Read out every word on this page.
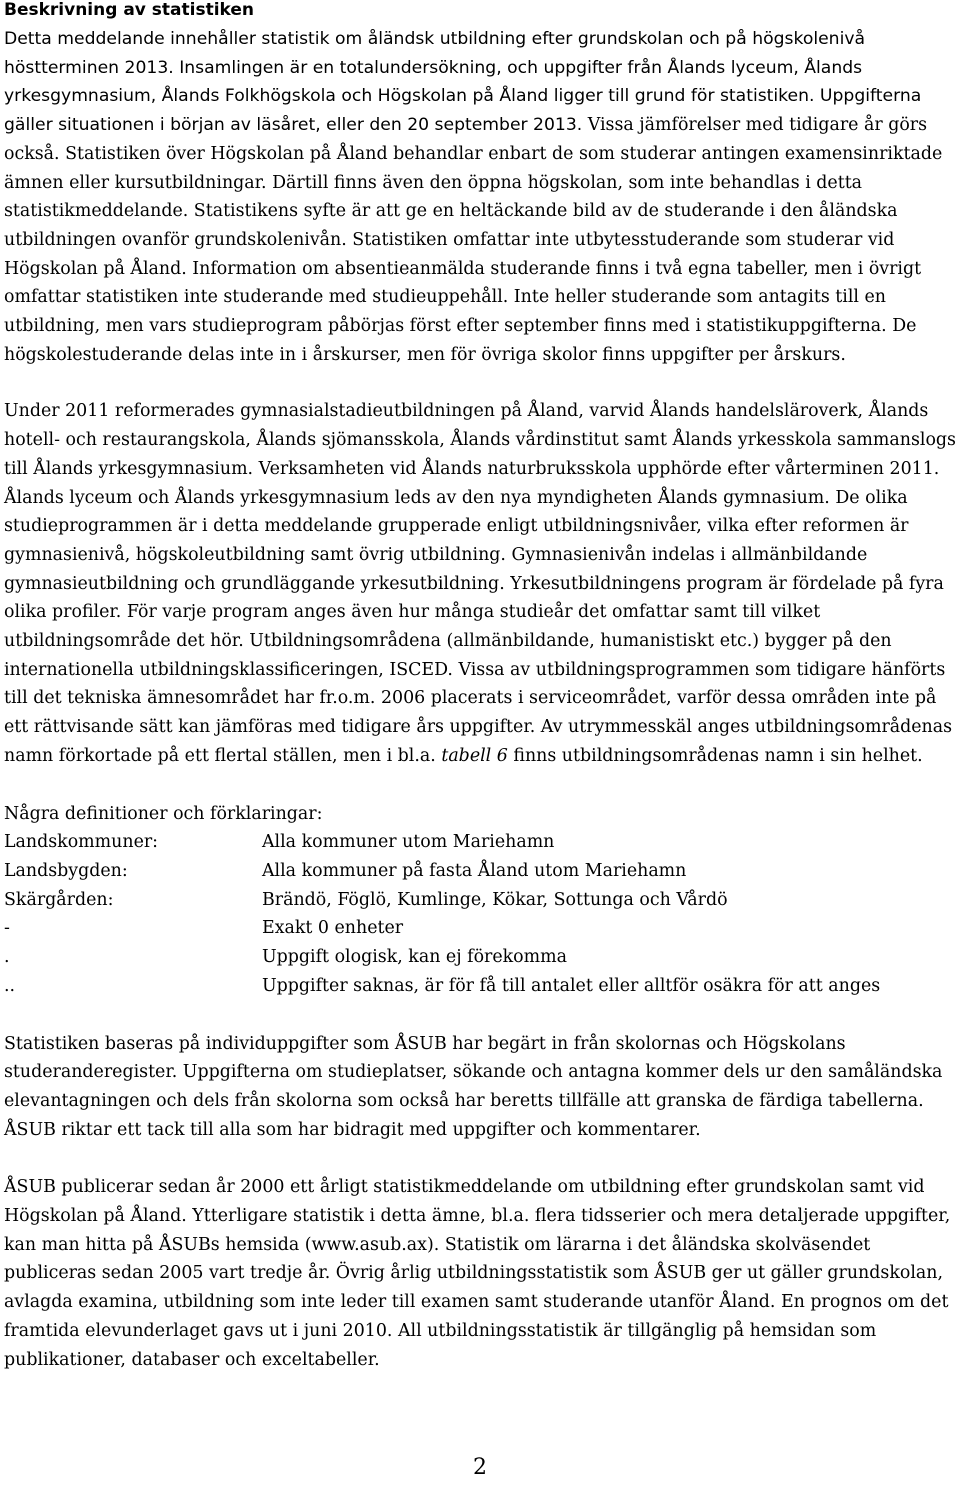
Beskrivning av statistiken

Detta meddelande innehåller statistik om åländsk utbildning efter grundskolan och på högskolenivå höstterminen 2013. Insamlingen är en totalundersökning, och uppgifter från Ålands lyceum, Ålands yrkesgymnasium, Ålands Folkhögskola och Högskolan på Åland ligger till grund för statistiken. Uppgifterna gäller situationen i början av läsåret, eller den 20 september 2013. Vissa jämförelser med tidigare år görs också. Statistiken över Högskolan på Åland behandlar enbart de som studerar antingen examensinriktade ämnen eller kursutbildningar. Därtill finns även den öppna högskolan, som inte behandlas i detta statistikmeddelande. Statistikens syfte är att ge en heltäckande bild av de studerande i den åländska utbildningen ovanför grundskolenivån. Statistiken omfattar inte utbytesstuderande som studerar vid Högskolan på Åland. Information om absentieanmälda studerande finns i två egna tabeller, men i övrigt omfattar statistiken inte studerande med studieuppehåll. Inte heller studerande som antagits till en utbildning, men vars studieprogram påbörjas först efter september finns med i statistikuppgifterna. De högskolestuderande delas inte in i årskurser, men för övriga skolor finns uppgifter per årskurs.

Under 2011 reformerades gymnasialstadieutbildningen på Åland, varvid Ålands handelsläroverk, Ålands hotell- och restaurangskola, Ålands sjömansskola, Ålands vårdinstitut samt Ålands yrkesskola sammanslogs till Ålands yrkesgymnasium. Verksamheten vid Ålands naturbruksskola upphörde efter vårterminen 2011. Ålands lyceum och Ålands yrkesgymnasium leds av den nya myndigheten Ålands gymnasium. De olika studieprogrammen är i detta meddelande grupperade enligt utbildningsnivåer, vilka efter reformen är gymnasienivå, högskoleutbildning samt övrig utbildning. Gymnasienivån indelas i allmänbildande gymnasieutbildning och grundläggande yrkesutbildning. Yrkesutbildningens program är fördelade på fyra olika profiler. För varje program anges även hur många studieår det omfattar samt till vilket utbildningsområde det hör. Utbildningsområdena (allmänbildande, humanistiskt etc.) bygger på den internationella utbildningsklassificeringen, ISCED. Vissa av utbildningsprogrammen som tidigare hänförts till det tekniska ämnesområdet har fr.o.m. 2006 placerats i serviceområdet, varför dessa områden inte på ett rättvisande sätt kan jämföras med tidigare års uppgifter. Av utrymmesskäl anges utbildningsområdenas namn förkortade på ett flertal ställen, men i bl.a. tabell 6 finns utbildningsområdenas namn i sin helhet.

Några definitioner och förklaringar:

Landskommuner:	Alla kommuner utom Mariehamn
Landsbygden:	Alla kommuner på fasta Åland utom Mariehamn
Skärgården:	Brändö, Föglö, Kumlinge, Kökar, Sottunga och Vårdö
-	Exakt 0 enheter
.	Uppgift ologisk, kan ej förekomma
..	Uppgifter saknas, är för få till antalet eller alltför osäkra för att anges

Statistiken baseras på individuppgifter som ÅSUB har begärt in från skolornas och Högskolans studeranderegister. Uppgifterna om studieplatser, sökande och antagna kommer dels ur den samåländska elevantagningen och dels från skolorna som också har beretts tillfälle att granska de färdiga tabellerna. ÅSUB riktar ett tack till alla som har bidragit med uppgifter och kommentarer.

ÅSUB publicerar sedan år 2000 ett årligt statistikmeddelande om utbildning efter grundskolan samt vid Högskolan på Åland. Ytterligare statistik i detta ämne, bl.a. flera tidsserier och mera detaljerade uppgifter, kan man hitta på ÅSUBs hemsida (www.asub.ax). Statistik om lärarna i det åländska skolväsendet publiceras sedan 2005 vart tredje år. Övrig årlig utbildningsstatistik som ÅSUB ger ut gäller grundskolan, avlagda examina, utbildning som inte leder till examen samt studerande utanför Åland. En prognos om det framtida elevunderlaget gavs ut i juni 2010. All utbildningsstatistik är tillgänglig på hemsidan som publikationer, databaser och exceltabeller.

2
